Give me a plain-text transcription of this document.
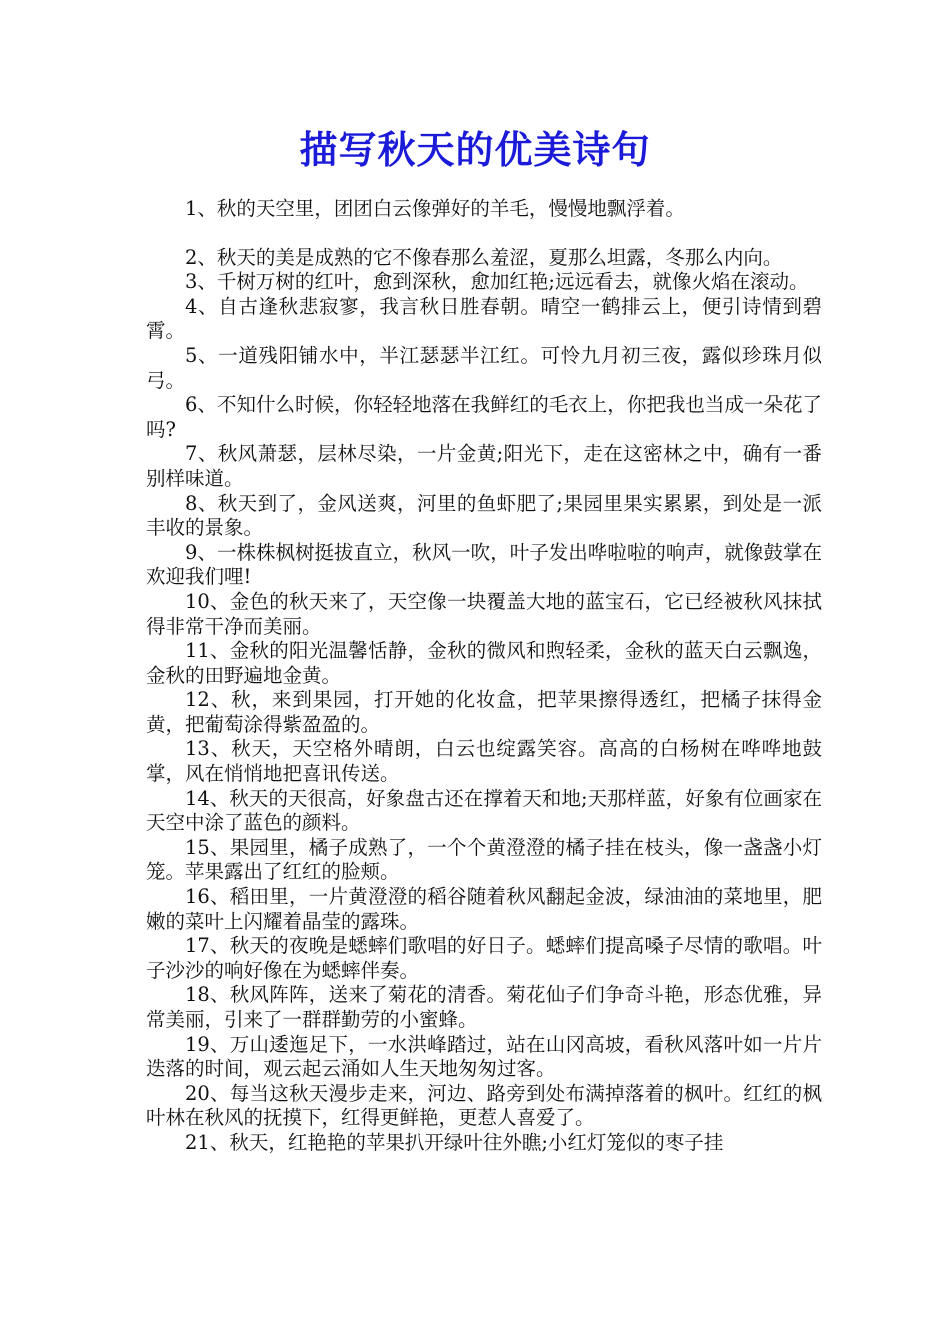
描写秋天的优美诗句

1、秋的天空里，团团白云像弹好的羊毛，慢慢地飘浮着。

2、秋天的美是成熟的它不像春那么羞涩，夏那么坦露，冬那么内向。

3、千树万树的红叶，愈到深秋，愈加红艳;远远看去，就像火焰在滚动。

4、自古逢秋悲寂寥，我言秋日胜春朝。晴空一鹤排云上，便引诗情到碧霄。

5、一道残阳铺水中，半江瑟瑟半江红。可怜九月初三夜，露似珍珠月似弓。

6、不知什么时候，你轻轻地落在我鲜红的毛衣上，你把我也当成一朵花了吗?

7、秋风萧瑟，层林尽染，一片金黄;阳光下，走在这密林之中，确有一番别样味道。

8、秋天到了，金风送爽，河里的鱼虾肥了;果园里果实累累，到处是一派丰收的景象。

9、一株株枫树挺拔直立，秋风一吹，叶子发出哗啦啦的响声，就像鼓掌在欢迎我们哩!

10、金色的秋天来了，天空像一块覆盖大地的蓝宝石，它已经被秋风抹拭得非常干净而美丽。

11、金秋的阳光温馨恬静，金秋的微风和煦轻柔，金秋的蓝天白云飘逸，金秋的田野遍地金黄。

12、秋，来到果园，打开她的化妆盒，把苹果擦得透红，把橘子抹得金黄，把葡萄涂得紫盈盈的。

13、秋天，天空格外晴朗，白云也绽露笑容。高高的白杨树在哗哗地鼓掌，风在悄悄地把喜讯传送。

14、秋天的天很高，好象盘古还在撑着天和地;天那样蓝，好象有位画家在天空中涂了蓝色的颜料。

15、果园里，橘子成熟了，一个个黄澄澄的橘子挂在枝头，像一盏盏小灯笼。苹果露出了红红的脸颊。

16、稻田里，一片黄澄澄的稻谷随着秋风翻起金波，绿油油的菜地里，肥嫩的菜叶上闪耀着晶莹的露珠。

17、秋天的夜晚是蟋蟀们歌唱的好日子。蟋蟀们提高嗓子尽情的歌唱。叶子沙沙的响好像在为蟋蟀伴奏。

18、秋风阵阵，送来了菊花的清香。菊花仙子们争奇斗艳，形态优雅，异常美丽，引来了一群群勤劳的小蜜蜂。

19、万山逶迤足下，一水洪峰踏过，站在山冈高坡，看秋风落叶如一片片迭落的时间，观云起云涌如人生天地匆匆过客。

20、每当这秋天漫步走来，河边、路旁到处布满掉落着的枫叶。红红的枫叶林在秋风的抚摸下，红得更鲜艳，更惹人喜爱了。

21、秋天，红艳艳的苹果扒开绿叶往外瞧;小红灯笼似的枣子挂
